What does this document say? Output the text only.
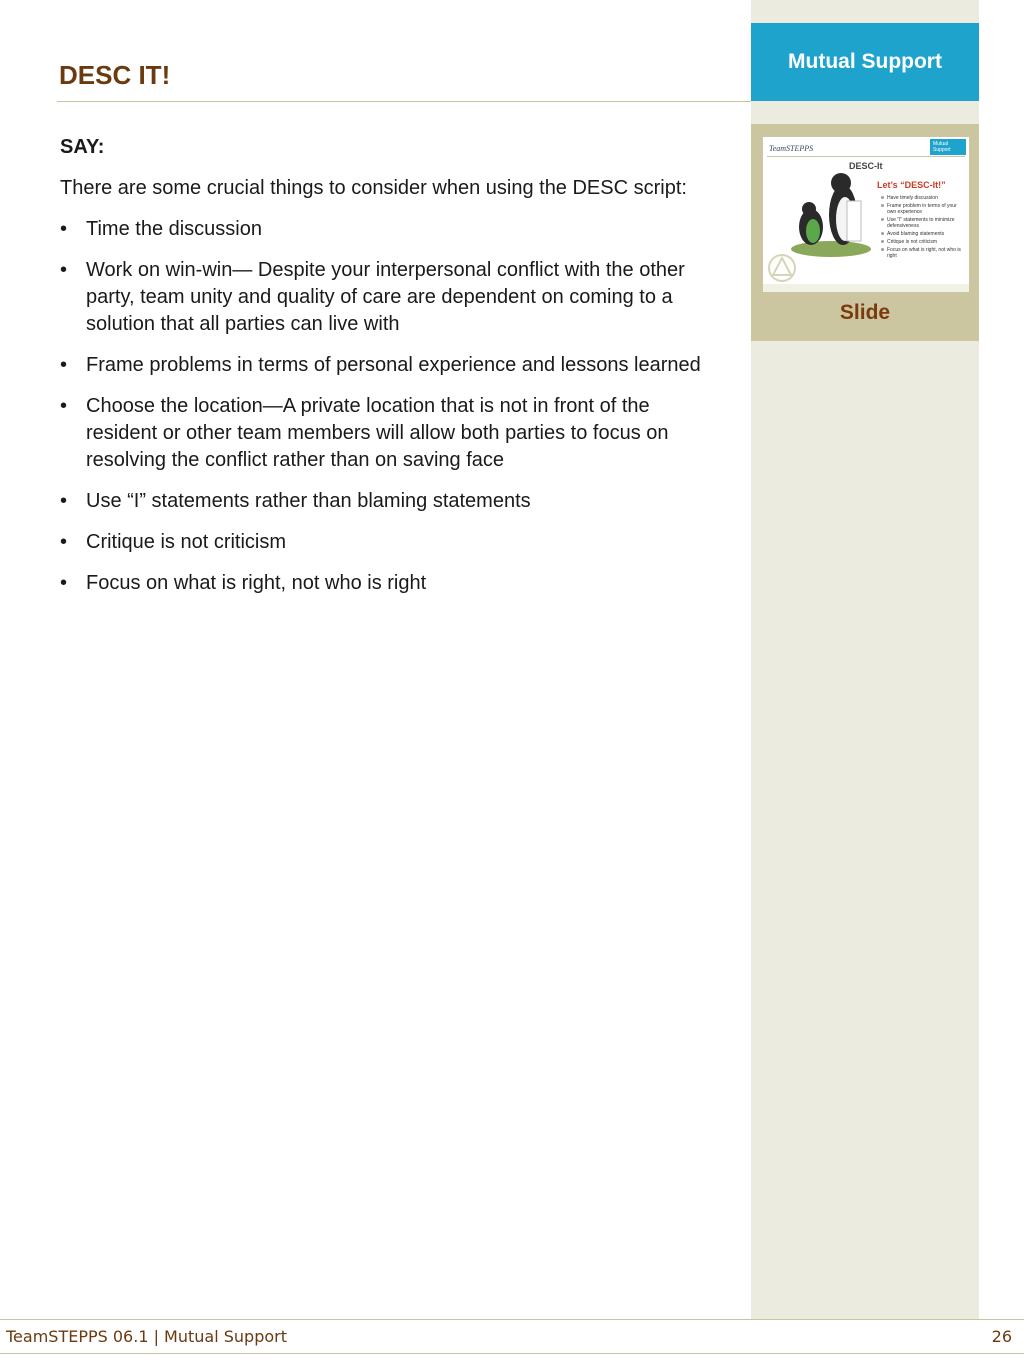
Mutual Support
TeamSTEPPS	Mutual Support
DESC-It
Let’s “DESC-It!”
Have timely discussion
Frame problem in terms of your own experience
Use “I” statements to minimize defensiveness
Avoid blaming statements
Critique is not criticism
Focus on what is right, not who is right
Slide
DESC IT!

SAY:

There are some crucial things to consider when using the DESC script:

• Time the discussion
• Work on win-win— Despite your interpersonal conflict with the other party, team unity and quality of care are dependent on coming to a solution that all parties can live with
• Frame problems in terms of personal experience and lessons learned
• Choose the location—A private location that is not in front of the resident or other team members will allow both parties to focus on resolving the conflict rather than on saving face
• Use “I” statements rather than blaming statements
• Critique is not criticism
• Focus on what is right, not who is right
TeamSTEPPS 06.1 | Mutual Support	26
